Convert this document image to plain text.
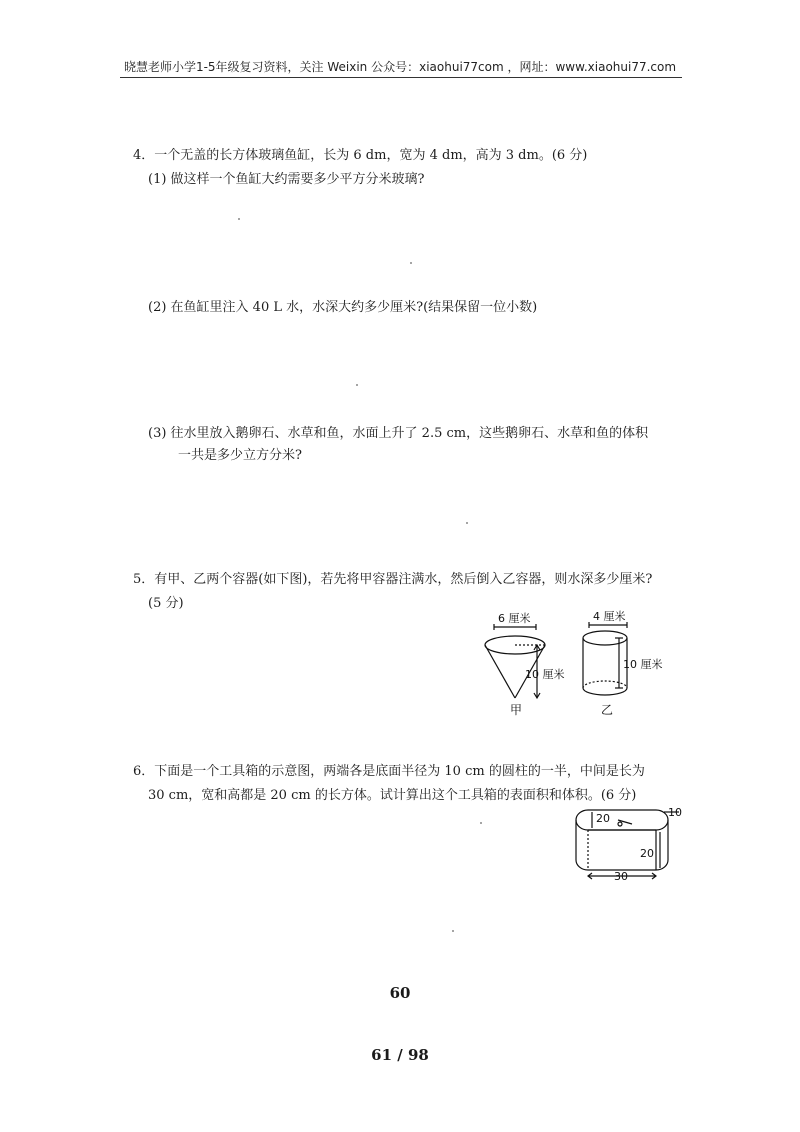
晓慧老师小学1-5年级复习资料，关注 Weixin 公众号：xiaohui77com ，网址：www.xiaohui77.com
4．一个无盖的长方体玻璃鱼缸，长为 6 dm，宽为 4 dm，高为 3 dm。(6 分)
(1) 做这样一个鱼缸大约需要多少平方分米玻璃?
(2) 在鱼缸里注入 40 L 水，水深大约多少厘米?(结果保留一位小数)
(3) 往水里放入鹅卵石、水草和鱼，水面上升了 2.5 cm，这些鹅卵石、水草和鱼的体积
一共是多少立方分米?
5．有甲、乙两个容器(如下图)，若先将甲容器注满水，然后倒入乙容器，则水深多少厘米?
(5 分)
6 厘米
10 厘米
甲
4 厘米
10 厘米
乙
6．下面是一个工具箱的示意图，两端各是底面半径为 10 cm 的圆柱的一半，中间是长为
30 cm，宽和高都是 20 cm 的长方体。试计算出这个工具箱的表面积和体积。(6 分)
20	10
20
30
60
61 / 98
